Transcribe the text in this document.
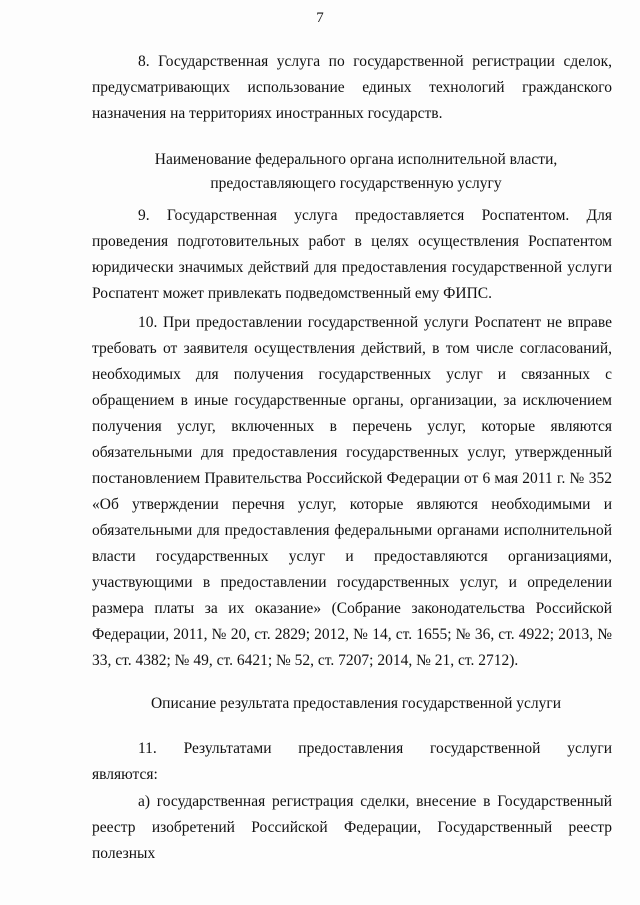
7

8. Государственная услуга по государственной регистрации сделок, предусматривающих использование единых технологий гражданского назначения на территориях иностранных государств.

Наименование федерального органа исполнительной власти, предоставляющего государственную услугу

9. Государственная услуга предоставляется Роспатентом. Для проведения подготовительных работ в целях осуществления Роспатентом юридически значимых действий для предоставления государственной услуги Роспатент может привлекать подведомственный ему ФИПС.

10. При предоставлении государственной услуги Роспатент не вправе требовать от заявителя осуществления действий, в том числе согласований, необходимых для получения государственных услуг и связанных с обращением в иные государственные органы, организации, за исключением получения услуг, включенных в перечень услуг, которые являются обязательными для предоставления государственных услуг, утвержденный постановлением Правительства Российской Федерации от 6 мая 2011 г. № 352 «Об утверждении перечня услуг, которые являются необходимыми и обязательными для предоставления федеральными органами исполнительной власти государственных услуг и предоставляются организациями, участвующими в предоставлении государственных услуг, и определении размера платы за их оказание» (Собрание законодательства Российской Федерации, 2011, № 20, ст. 2829; 2012, № 14, ст. 1655; № 36, ст. 4922; 2013, № 33, ст. 4382; № 49, ст. 6421; № 52, ст. 7207; 2014, № 21, ст. 2712).

Описание результата предоставления государственной услуги

11. Результатами предоставления государственной услуги являются:

а) государственная регистрация сделки, внесение в Государственный реестр изобретений Российской Федерации, Государственный реестр полезных
